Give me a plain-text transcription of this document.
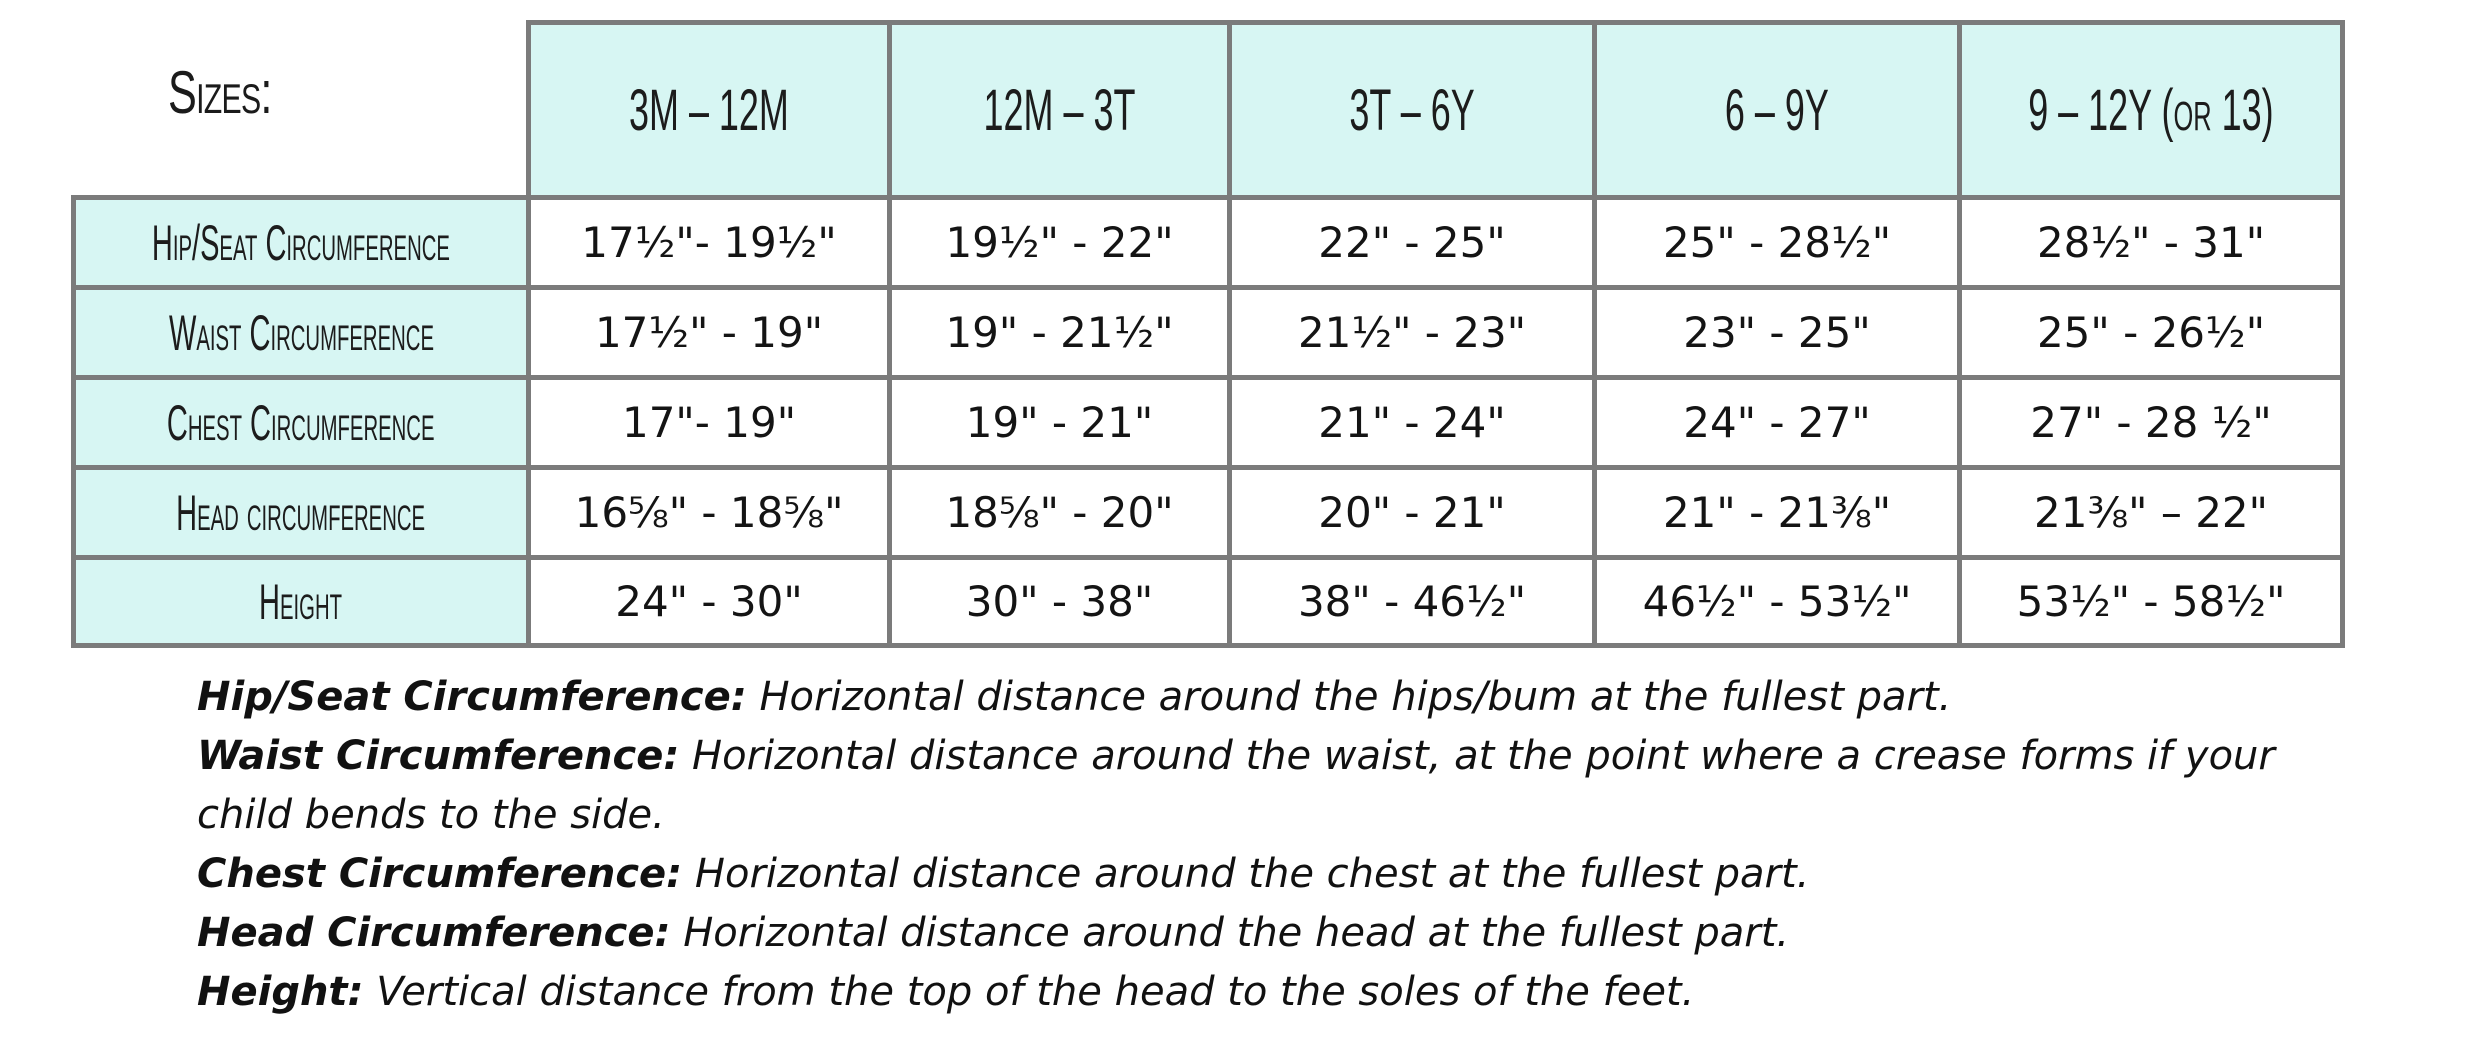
Sizes:	3M – 12M	12M – 3T	3T – 6Y	6 – 9Y	9 – 12Y (or 13)
Hip/Seat Circumference	17½"- 19½"	19½" - 22"	22" - 25"	25" - 28½"	28½" - 31"
Waist Circumference	17½" - 19"	19" - 21½"	21½" - 23"	23" - 25"	25" - 26½"
Chest Circumference	17"- 19"	19" - 21"	21" - 24"	24" - 27"	27" - 28 ½"
Head circumference	16⅝" - 18⅝"	18⅝" - 20"	20" - 21"	21" - 21⅜"	21⅜" – 22"
Height	24" - 30"	30" - 38"	38" - 46½"	46½" - 53½"	53½" - 58½"
Hip/Seat Circumference: Horizontal distance around the hips/bum at the fullest part.
Waist Circumference: Horizontal distance around the waist, at the point where a crease forms if your child bends to the side.
Chest Circumference: Horizontal distance around the chest at the fullest part.
Head Circumference: Horizontal distance around the head at the fullest part.
Height: Vertical distance from the top of the head to the soles of the feet.
